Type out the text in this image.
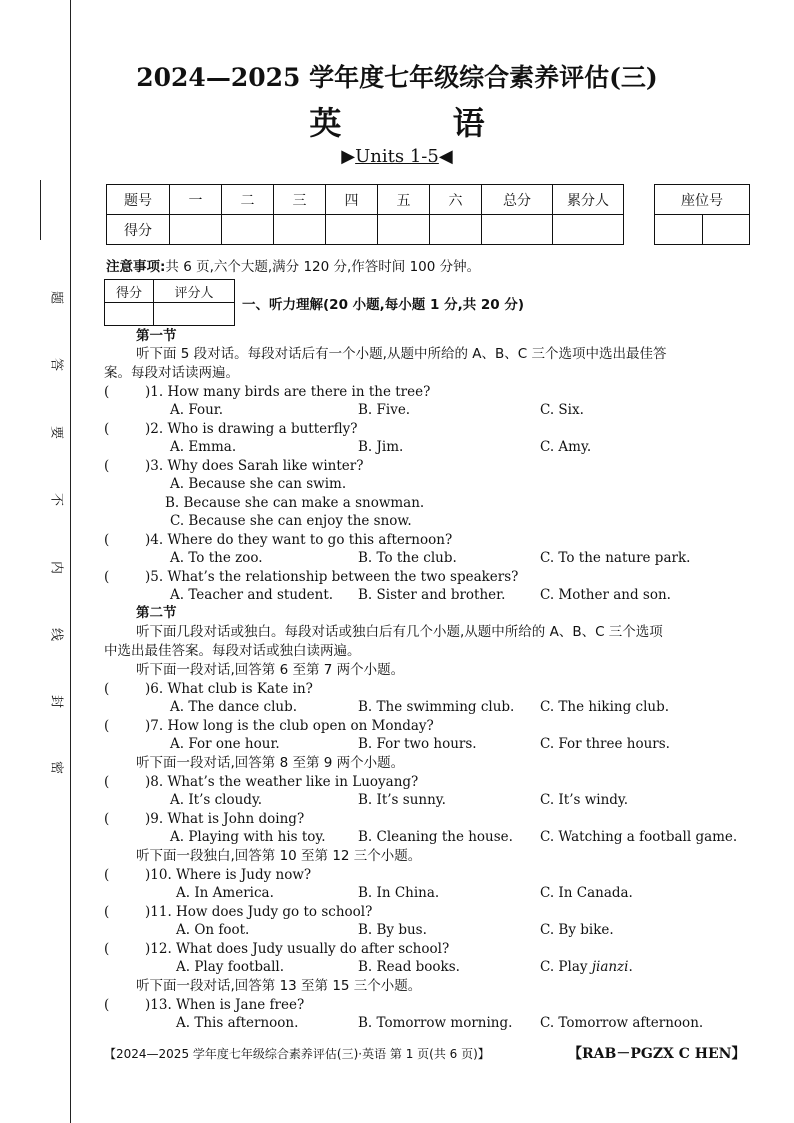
题
答
要
不
内
线
封
密
2024—2025 学年度七年级综合素养评估(三)
英 语
▶Units 1-5◀
题号	一	二	三	四	五	六	总分	累分人
得分								
座位号

注意事项:共 6 页,六个大题,满分 120 分,作答时间 100 分钟。
得分	评分人

一、听力理解(20 小题,每小题 1 分,共 20 分)
第一节
听下面 5 段对话。每段对话后有一个小题,从题中所给的 A、B、C 三个选项中选出最佳答
案。每段对话读两遍。
(	)1. How many birds are there in the tree?
A. Four.	B. Five.	C. Six.
(	)2. Who is drawing a butterfly?
A. Emma.	B. Jim.	C. Amy.
(	)3. Why does Sarah like winter?
A. Because she can swim.
B. Because she can make a snowman.
C. Because she can enjoy the snow.
(	)4. Where do they want to go this afternoon?
A. To the zoo.	B. To the club.	C. To the nature park.
(	)5. What’s the relationship between the two speakers?
A. Teacher and student. B. Sister and brother.	C. Mother and son.
第二节
听下面几段对话或独白。每段对话或独白后有几个小题,从题中所给的 A、B、C 三个选项
中选出最佳答案。每段对话或独白读两遍。
听下面一段对话,回答第 6 至第 7 两个小题。
(	)6. What club is Kate in?
A. The dance club.	B. The swimming club. C. The hiking club.
(	)7. How long is the club open on Monday?
A. For one hour.	B. For two hours.	C. For three hours.
听下面一段对话,回答第 8 至第 9 两个小题。
(	)8. What’s the weather like in Luoyang?
A. It’s cloudy.	B. It’s sunny.	C. It’s windy.
(	)9. What is John doing?
A. Playing with his toy. B. Cleaning the house. C. Watching a football game.
听下面一段独白,回答第 10 至第 12 三个小题。
(	)10. Where is Judy now?
A. In America.	B. In China.	C. In Canada.
(	)11. How does Judy go to school?
A. On foot.	B. By bus.	C. By bike.
(	)12. What does Judy usually do after school?
A. Play football.	B. Read books.	C. Play jianzi.
听下面一段对话,回答第 13 至第 15 三个小题。
(	)13. When is Jane free?
A. This afternoon.	B. Tomorrow morning. C. Tomorrow afternoon.
【2024—2025 学年度七年级综合素养评估(三)·英语 第 1 页(共 6 页)】	【RAB－PGZX C HEN】
